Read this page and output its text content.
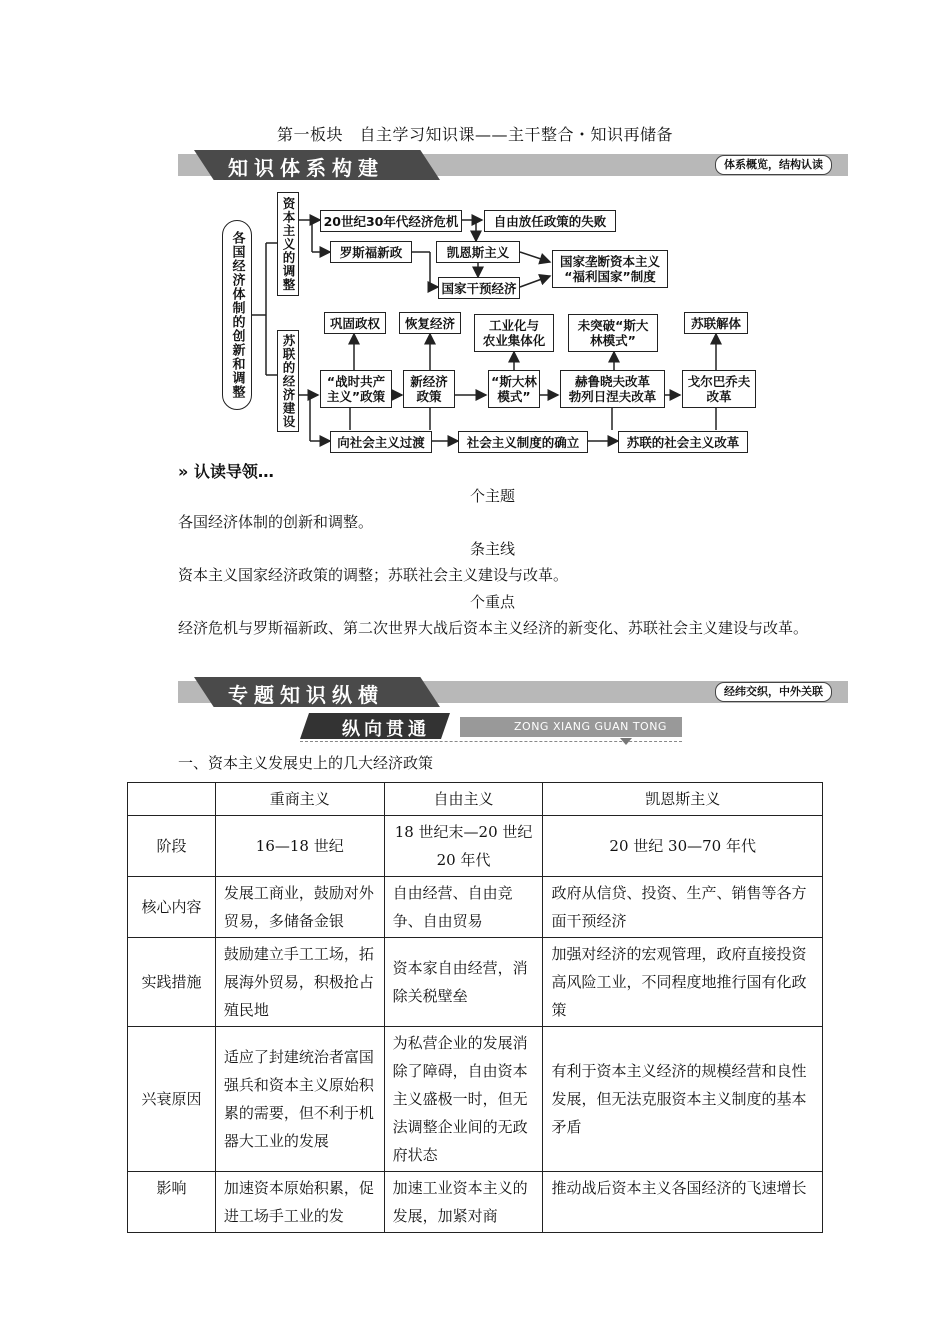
第一板块　自主学习知识课——主干整合・知识再储备
知识体系构建	体系概览，结构认读
各国经济体制的创新和调整	资本主义的调整
苏联的经济建设
20世纪30年代经济危机	自由放任政策的失败
罗斯福新政	凯恩斯主义
国家干预经济
国家垄断资本主义
“福利国家”制度
巩固政权	恢复经济	工业化与
农业集体化
未突破“斯大
林模式”
苏联解体
“战时共产
主义”政策
新经济
政策
“斯大林
模式”
赫鲁晓夫改革
勃列日涅夫改革
戈尔巴乔夫
改革
向社会主义过渡	社会主义制度的确立	苏联的社会主义改革
» 认读导领…
个主题
各国经济体制的创新和调整。
条主线
资本主义国家经济政策的调整；苏联社会主义建设与改革。
个重点
经济危机与罗斯福新政、第二次世界大战后资本主义经济的新变化、苏联社会主义建设与改革。
专题知识纵横	经纬交织，中外关联
纵向贯通	ZONG XIANG GUAN TONG
一、资本主义发展史上的几大经济政策
	重商主义	自由主义	凯恩斯主义
阶段	16—18 世纪	18 世纪末—20 世纪 20 年代	20 世纪 30—70 年代
核心内容	发展工商业，鼓励对外贸易，多储备金银	自由经营、自由竞争、自由贸易	政府从信贷、投资、生产、销售等各方面干预经济
实践措施	鼓励建立手工工场，拓展海外贸易，积极抢占殖民地	资本家自由经营，消除关税壁垒	加强对经济的宏观管理，政府直接投资高风险工业，不同程度地推行国有化政策
兴衰原因	适应了封建统治者富国强兵和资本主义原始积累的需要，但不利于机器大工业的发展	为私营企业的发展消除了障碍，自由资本主义盛极一时，但无法调整企业间的无政府状态	有利于资本主义经济的规模经营和良性发展，但无法克服资本主义制度的基本矛盾
影响	加速资本原始积累，促进工场手工业的发	加速工业资本主义的发展，加紧对商	推动战后资本主义各国经济的飞速增长
